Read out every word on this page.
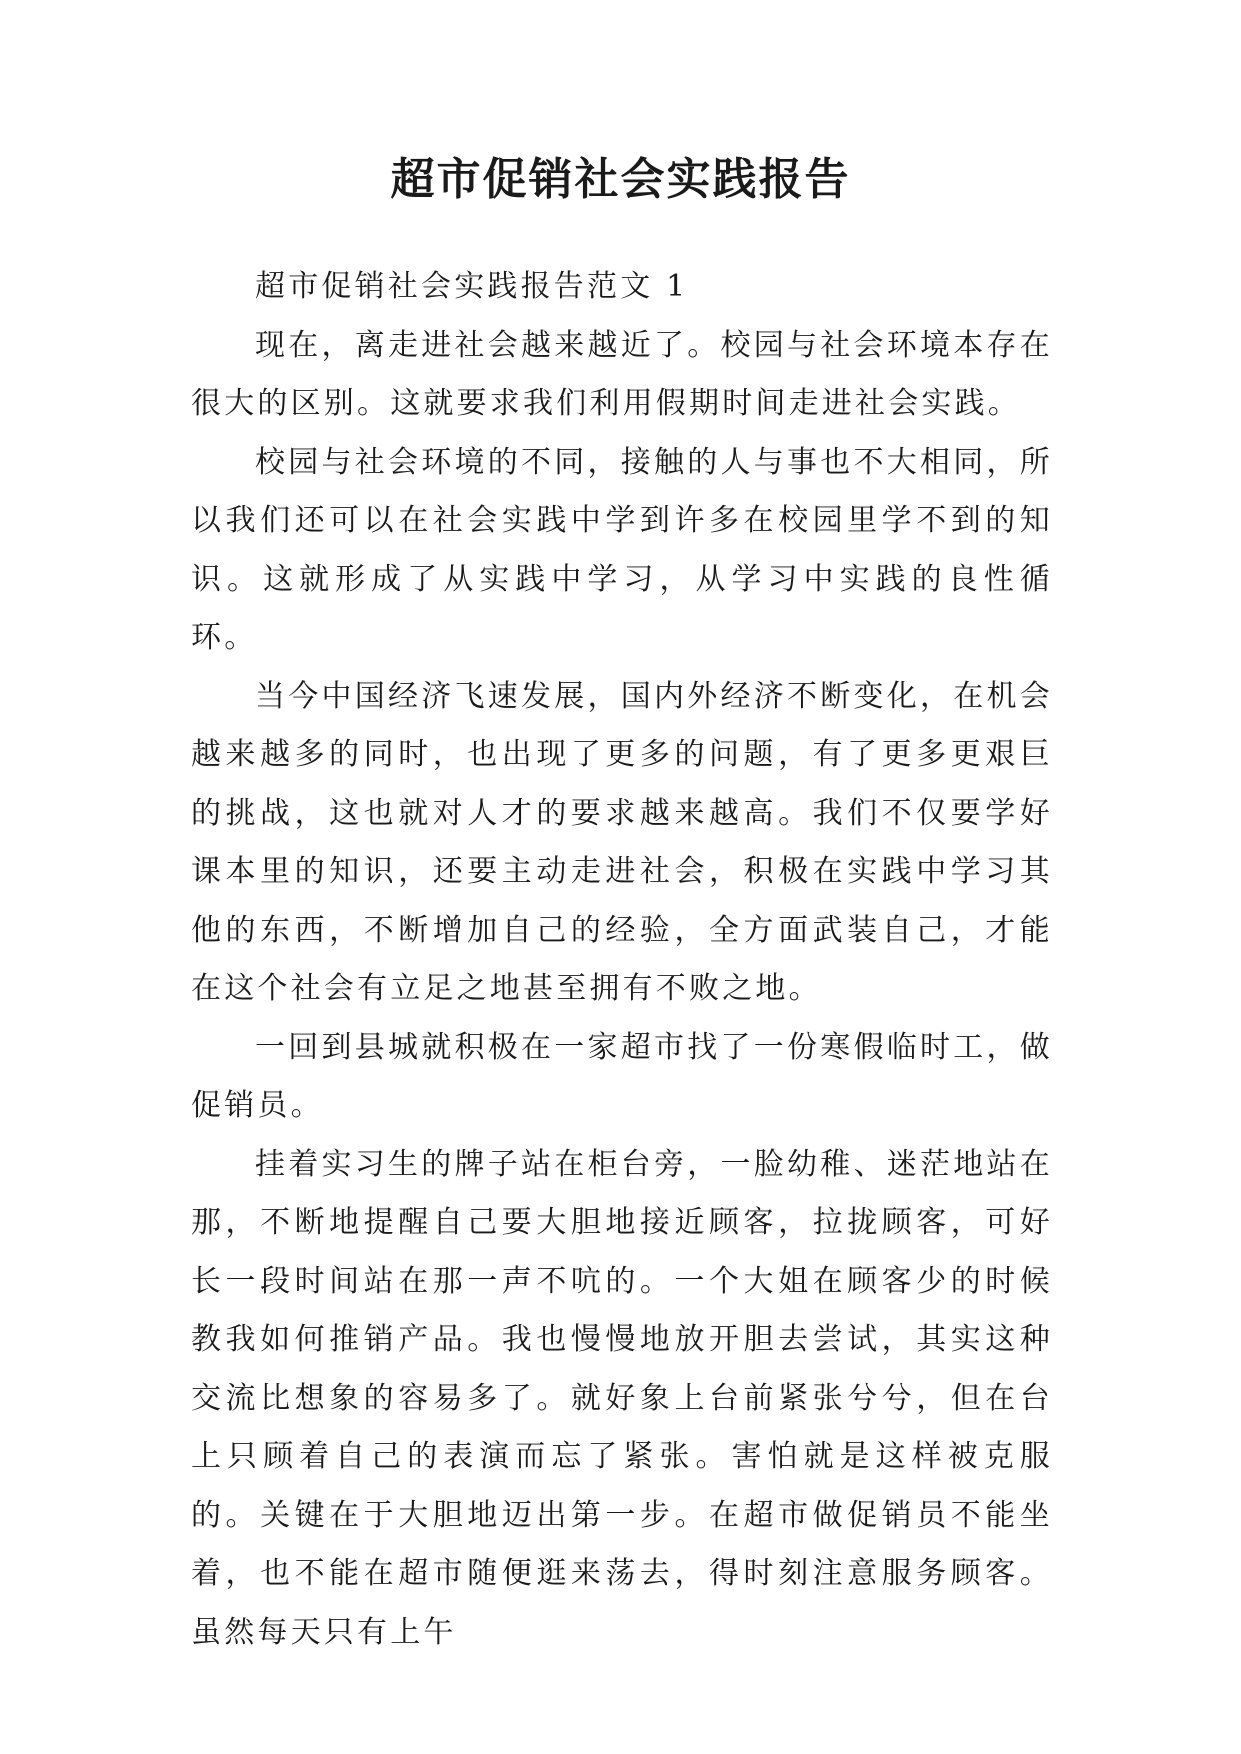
超市促销社会实践报告

超市促销社会实践报告范文 1

现在，离走进社会越来越近了。校园与社会环境本存在很大的区别。这就要求我们利用假期时间走进社会实践。

校园与社会环境的不同，接触的人与事也不大相同，所以我们还可以在社会实践中学到许多在校园里学不到的知识。这就形成了从实践中学习，从学习中实践的良性循环。

当今中国经济飞速发展，国内外经济不断变化，在机会越来越多的同时，也出现了更多的问题，有了更多更艰巨的挑战，这也就对人才的要求越来越高。我们不仅要学好课本里的知识，还要主动走进社会，积极在实践中学习其他的东西，不断增加自己的经验，全方面武装自己，才能在这个社会有立足之地甚至拥有不败之地。

一回到县城就积极在一家超市找了一份寒假临时工，做促销员。

挂着实习生的牌子站在柜台旁，一脸幼稚、迷茫地站在那，不断地提醒自己要大胆地接近顾客，拉拢顾客，可好长一段时间站在那一声不吭的。一个大姐在顾客少的时候教我如何推销产品。我也慢慢地放开胆去尝试，其实这种交流比想象的容易多了。就好象上台前紧张兮兮，但在台上只顾着自己的表演而忘了紧张。害怕就是这样被克服的。关键在于大胆地迈出第一步。在超市做促销员不能坐着，也不能在超市随便逛来荡去，得时刻注意服务顾客。虽然每天只有上午
